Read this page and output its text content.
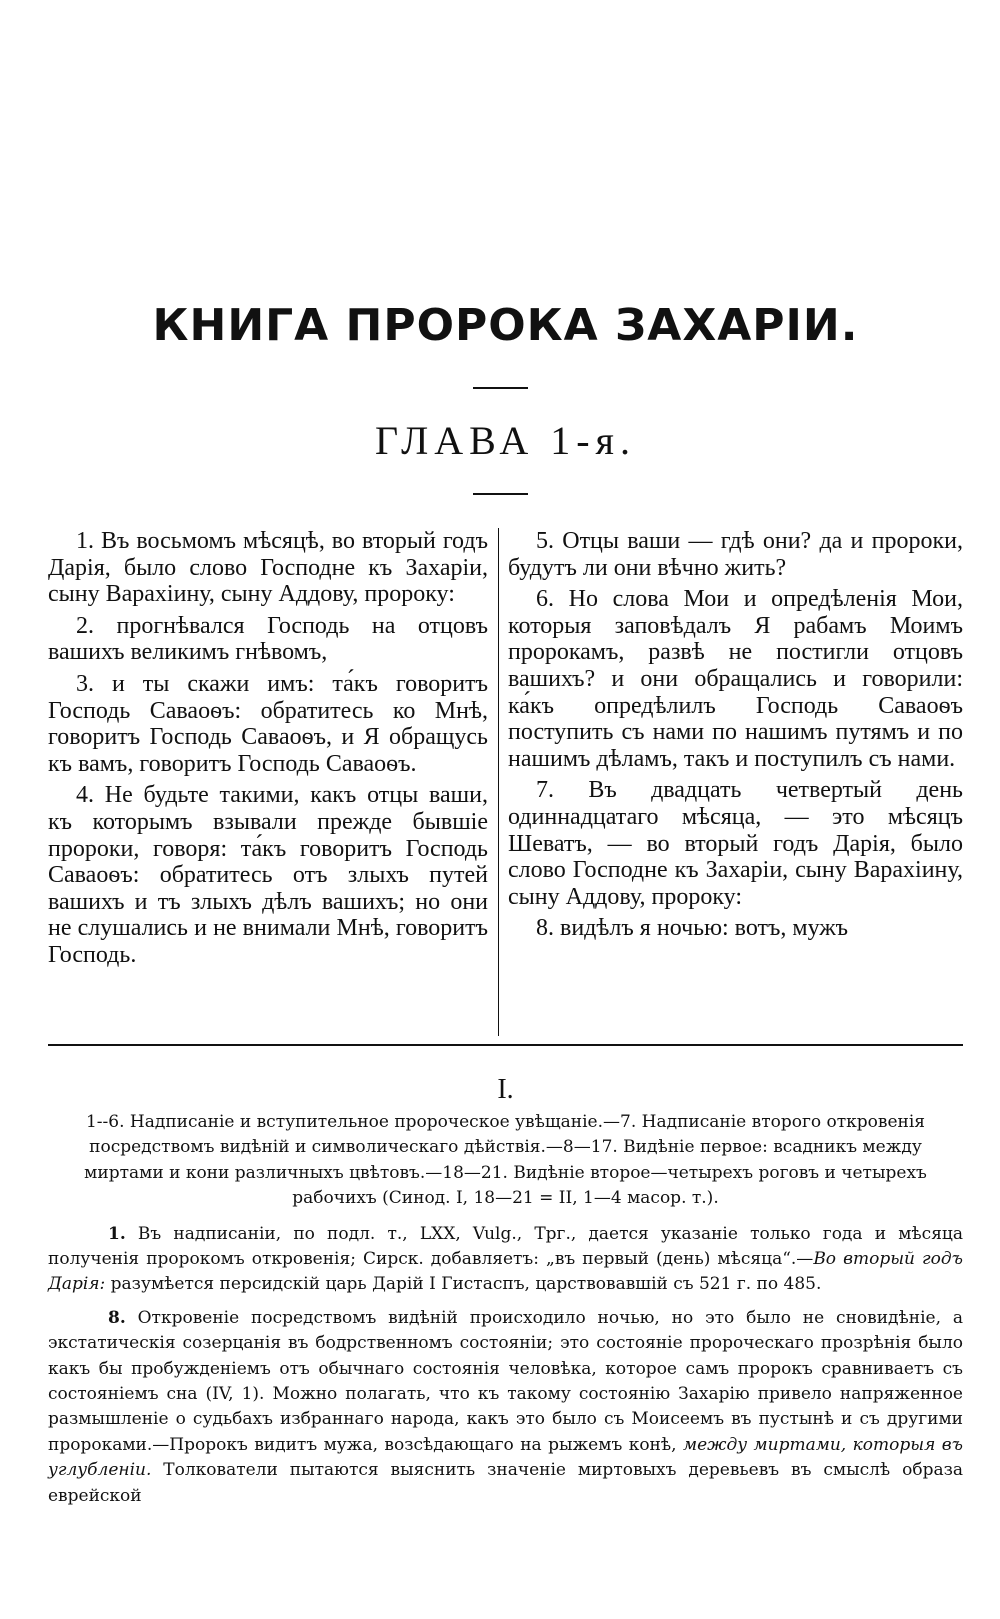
КНИГА ПРОРОКА ЗАХАРІИ.
ГЛАВА 1-я.

1. Въ восьмомъ мѣсяцѣ, во вторый годъ Дарія, было слово Господне къ Захаріи, сыну Варахіину, сыну Аддову, пророку:

2. прогнѣвался Господь на отцовъ вашихъ великимъ гнѣвомъ,

3. и ты скажи имъ: та́къ говоритъ Господь Саваоѳъ: обратитесь ко Мнѣ, говоритъ Господь Саваоѳъ, и Я обращусь къ вамъ, говоритъ Господь Саваоѳъ.

4. Не будьте такими, какъ отцы ваши, къ которымъ взывали прежде бывшіе пророки, говоря: та́къ говоритъ Господь Саваоѳъ: обратитесь отъ злыхъ путей вашихъ и тъ злыхъ дѣлъ вашихъ; но они не слушались и не внимали Мнѣ, говоритъ Господь.

5. Отцы ваши — гдѣ они? да и пророки, будутъ ли они вѣчно жить?

6. Но слова Мои и опредѣленія Мои, которыя заповѣдалъ Я рабамъ Моимъ пророкамъ, развѣ не постигли отцовъ вашихъ? и они обращались и говорили: ка́къ опредѣлилъ Господь Саваоѳъ поступить съ нами по нашимъ путямъ и по нашимъ дѣламъ, такъ и поступилъ съ нами.

7. Въ двадцать четвертый день одиннадцатаго мѣсяца, — это мѣсяцъ Шеватъ, — во вторый годъ Дарія, было слово Господне къ Захаріи, сыну Варахіину, сыну Аддову, пророку:

8. видѣлъ я ночью: вотъ, мужъ

I.

1--6. Надписаніе и вступительное пророческое увѣщаніе.—7. Надписаніе второго откровенія посредствомъ видѣній и символическаго дѣйствія.—8—17. Видѣніе первое: всадникъ между миртами и кони различныхъ цвѣтовъ.—18—21. Видѣніе второе—четырехъ роговъ и четырехъ рабочихъ (Синод. I, 18—21 = II, 1—4 масор. т.).

1. Въ надписаніи, по подл. т., LXX, Vulg., Трг., дается указаніе только года и мѣсяца полученія пророкомъ откровенія; Сирск. добавляетъ: „въ первый (день) мѣсяца“.—Во вторый годъ Дарія: разумѣется персидскій царь Дарій I Гистаспъ, царствовавшій съ 521 г. по 485.

8. Откровеніе посредствомъ видѣній происходило ночью, но это было не сновидѣніе, а экстатическія созерцанія въ бодрственномъ состояніи; это состояніе пророческаго прозрѣнія было какъ бы пробужденіемъ отъ обычнаго состоянія человѣка, которое самъ пророкъ сравниваетъ съ состояніемъ сна (IV, 1). Можно полагать, что къ такому состоянію Захарію привело напряженное размышленіе о судьбахъ избраннаго народа, какъ это было съ Моисеемъ въ пустынѣ и съ другими пророками.—Пророкъ видитъ мужа, возсѣдающаго на рыжемъ конѣ, между миртами, которыя въ углубленіи. Толкователи пытаются выяснить значеніе миртовыхъ деревьевъ въ смыслѣ образа еврейской
